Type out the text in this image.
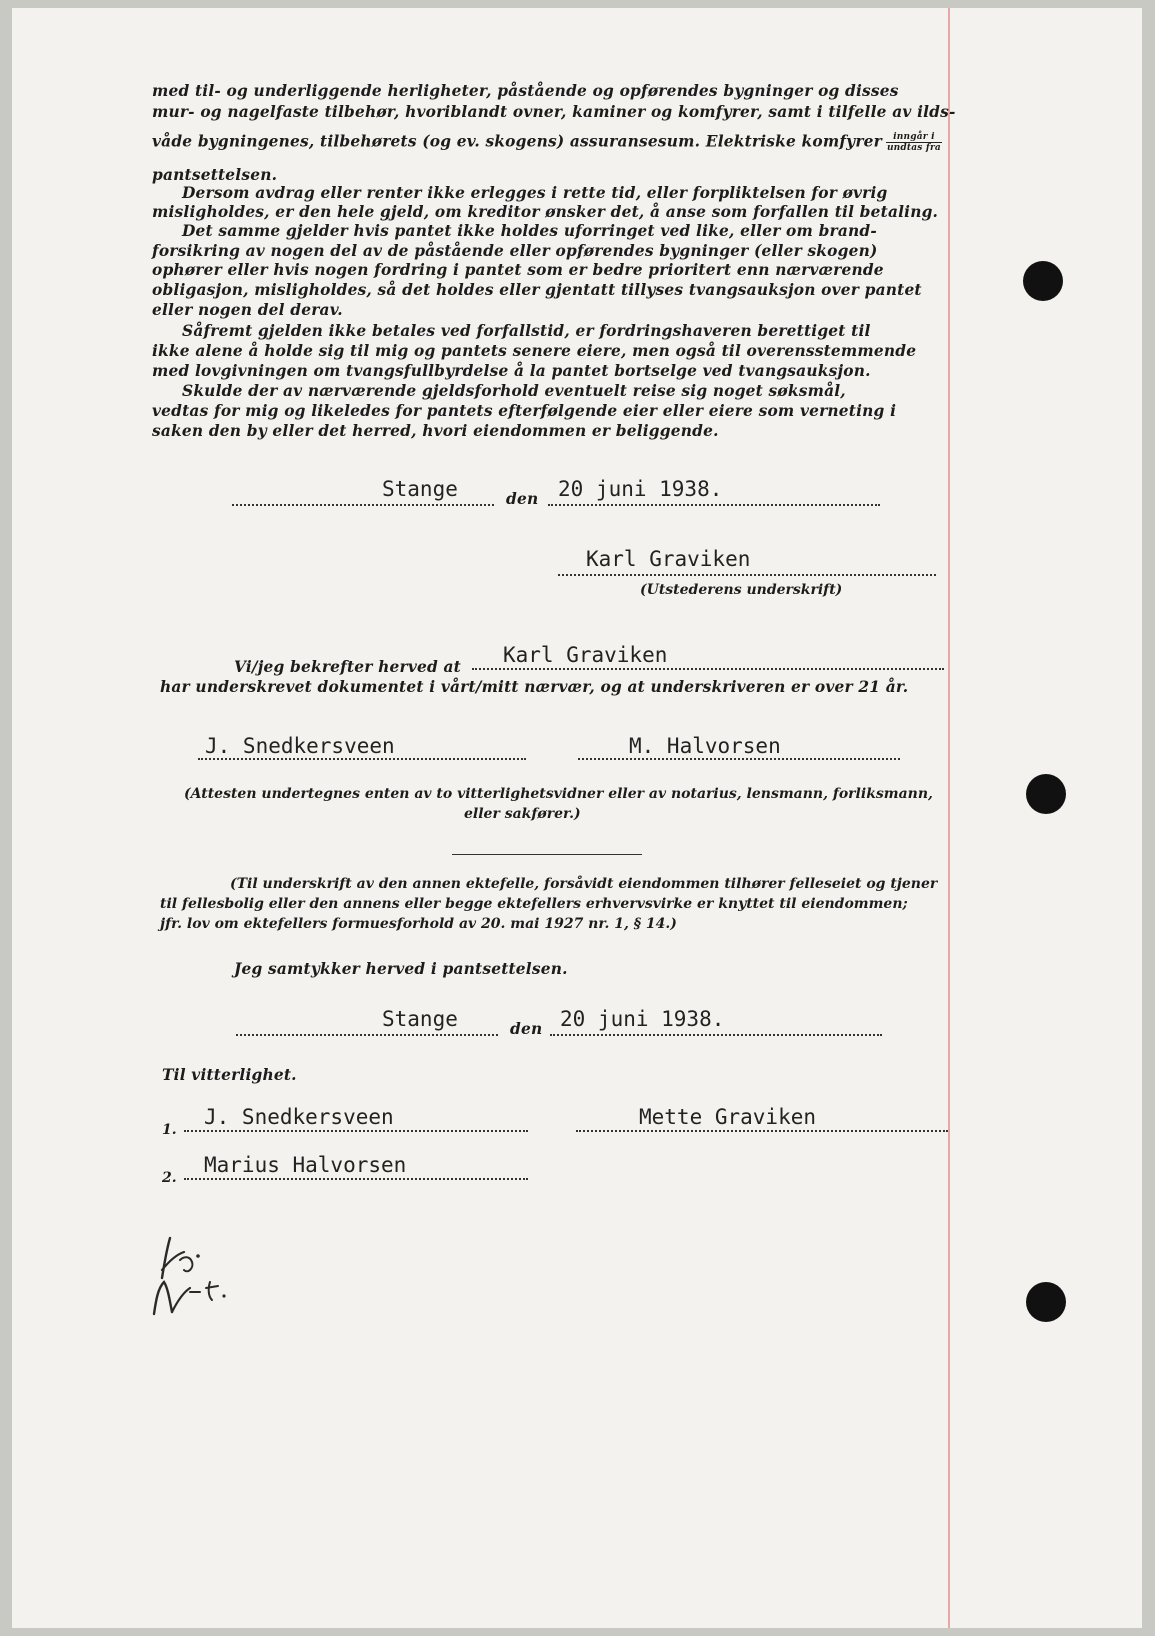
med til- og underliggende herligheter, påstående og opførendes bygninger og disses
mur- og nagelfaste tilbehør, hvoriblandt ovner, kaminer og komfyrer, samt i tilfelle av ilds-
våde bygningenes, tilbehørets (og ev. skogens) assuransesum. Elektriske komfyrer $\frac{\text{inngår i}}{\text{undtas fra}}$
pantsettelsen.
Dersom avdrag eller renter ikke erlegges i rette tid, eller forpliktelsen for øvrig
misligholdes, er den hele gjeld, om kreditor ønsker det, å anse som forfallen til betaling.
Det samme gjelder hvis pantet ikke holdes uforringet ved like, eller om brand-
forsikring av nogen del av de påstående eller opførendes bygninger (eller skogen)
ophører eller hvis nogen fordring i pantet som er bedre prioritert enn nærværende
obligasjon, misligholdes, så det holdes eller gjentatt tillyses tvangsauksjon over pantet
eller nogen del derav.
Såfremt gjelden ikke betales ved forfallstid, er fordringshaveren berettiget til
ikke alene å holde sig til mig og pantets senere eiere, men også til overensstemmende
med lovgivningen om tvangsfullbyrdelse å la pantet bortselge ved tvangsauksjon.
Skulde der av nærværende gjeldsforhold eventuelt reise sig noget søksmål,
vedtas for mig og likeledes for pantets efterfølgende eier eller eiere som verneting i
saken den by eller det herred, hvori eiendommen er beliggende.
Stange	den 20 juni 1938.
Karl Graviken
(Utstederens underskrift)
Vi/jeg bekrefter herved at Karl Graviken
har underskrevet dokumentet i vårt/mitt nærvær, og at underskriveren er over 21 år.
J. Snedkersveen	M. Halvorsen
(Attesten undertegnes enten av to vitterlighetsvidner eller av notarius, lensmann, forliksmann,
eller sakfører.)
(Til underskrift av den annen ektefelle, forsåvidt eiendommen tilhører felleseiet og tjener
til fellesbolig eller den annens eller begge ektefellers erhvervsvirke er knyttet til eiendommen;
jfr. lov om ektefellers formuesforhold av 20. mai 1927 nr. 1, § 14.)
Jeg samtykker herved i pantsettelsen.
Stange	den 20 juni 1938.
Til vitterlighet.
1.
J. Snedkersveen	Mette Graviken
2.
Marius Halvorsen
